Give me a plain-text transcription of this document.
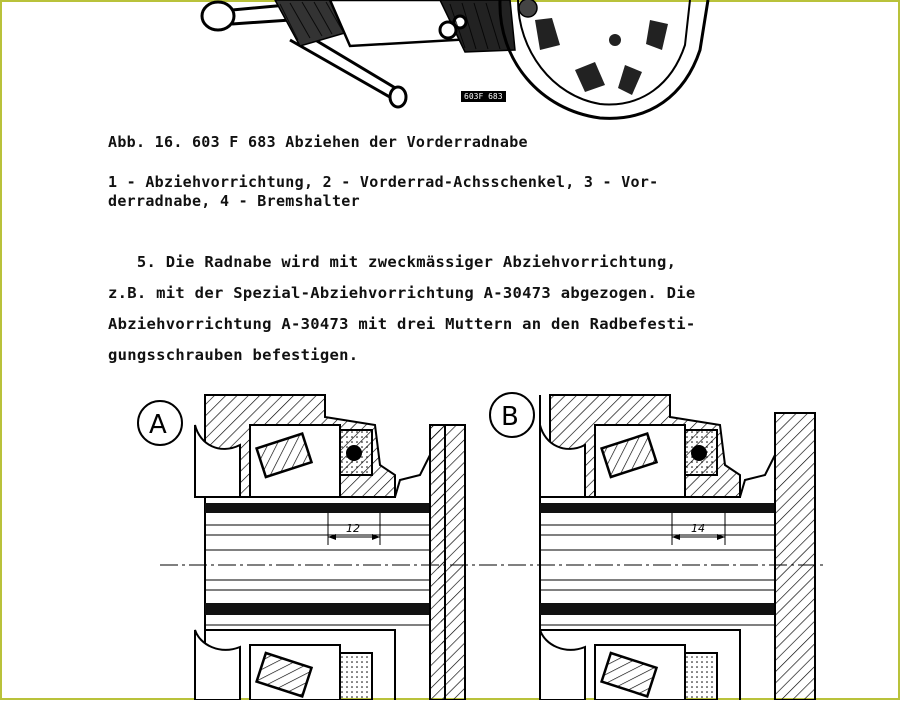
603F 683
Abb. 16. 603 F 683 Abziehen der Vorderradnabe
1 - Abziehvorrichtung, 2 - Vorderrad-Achsschenkel, 3 - Vor-
derradnabe, 4 - Bremshalter
5. Die Radnabe wird mit zweckmässiger Abziehvorrichtung,
z.B. mit der Spezial-Abziehvorrichtung A-30473 abgezogen. Die
Abziehvorrichtung A-30473 mit drei Muttern an den Radbefesti-
gungsschrauben befestigen.
A
12
B
14
